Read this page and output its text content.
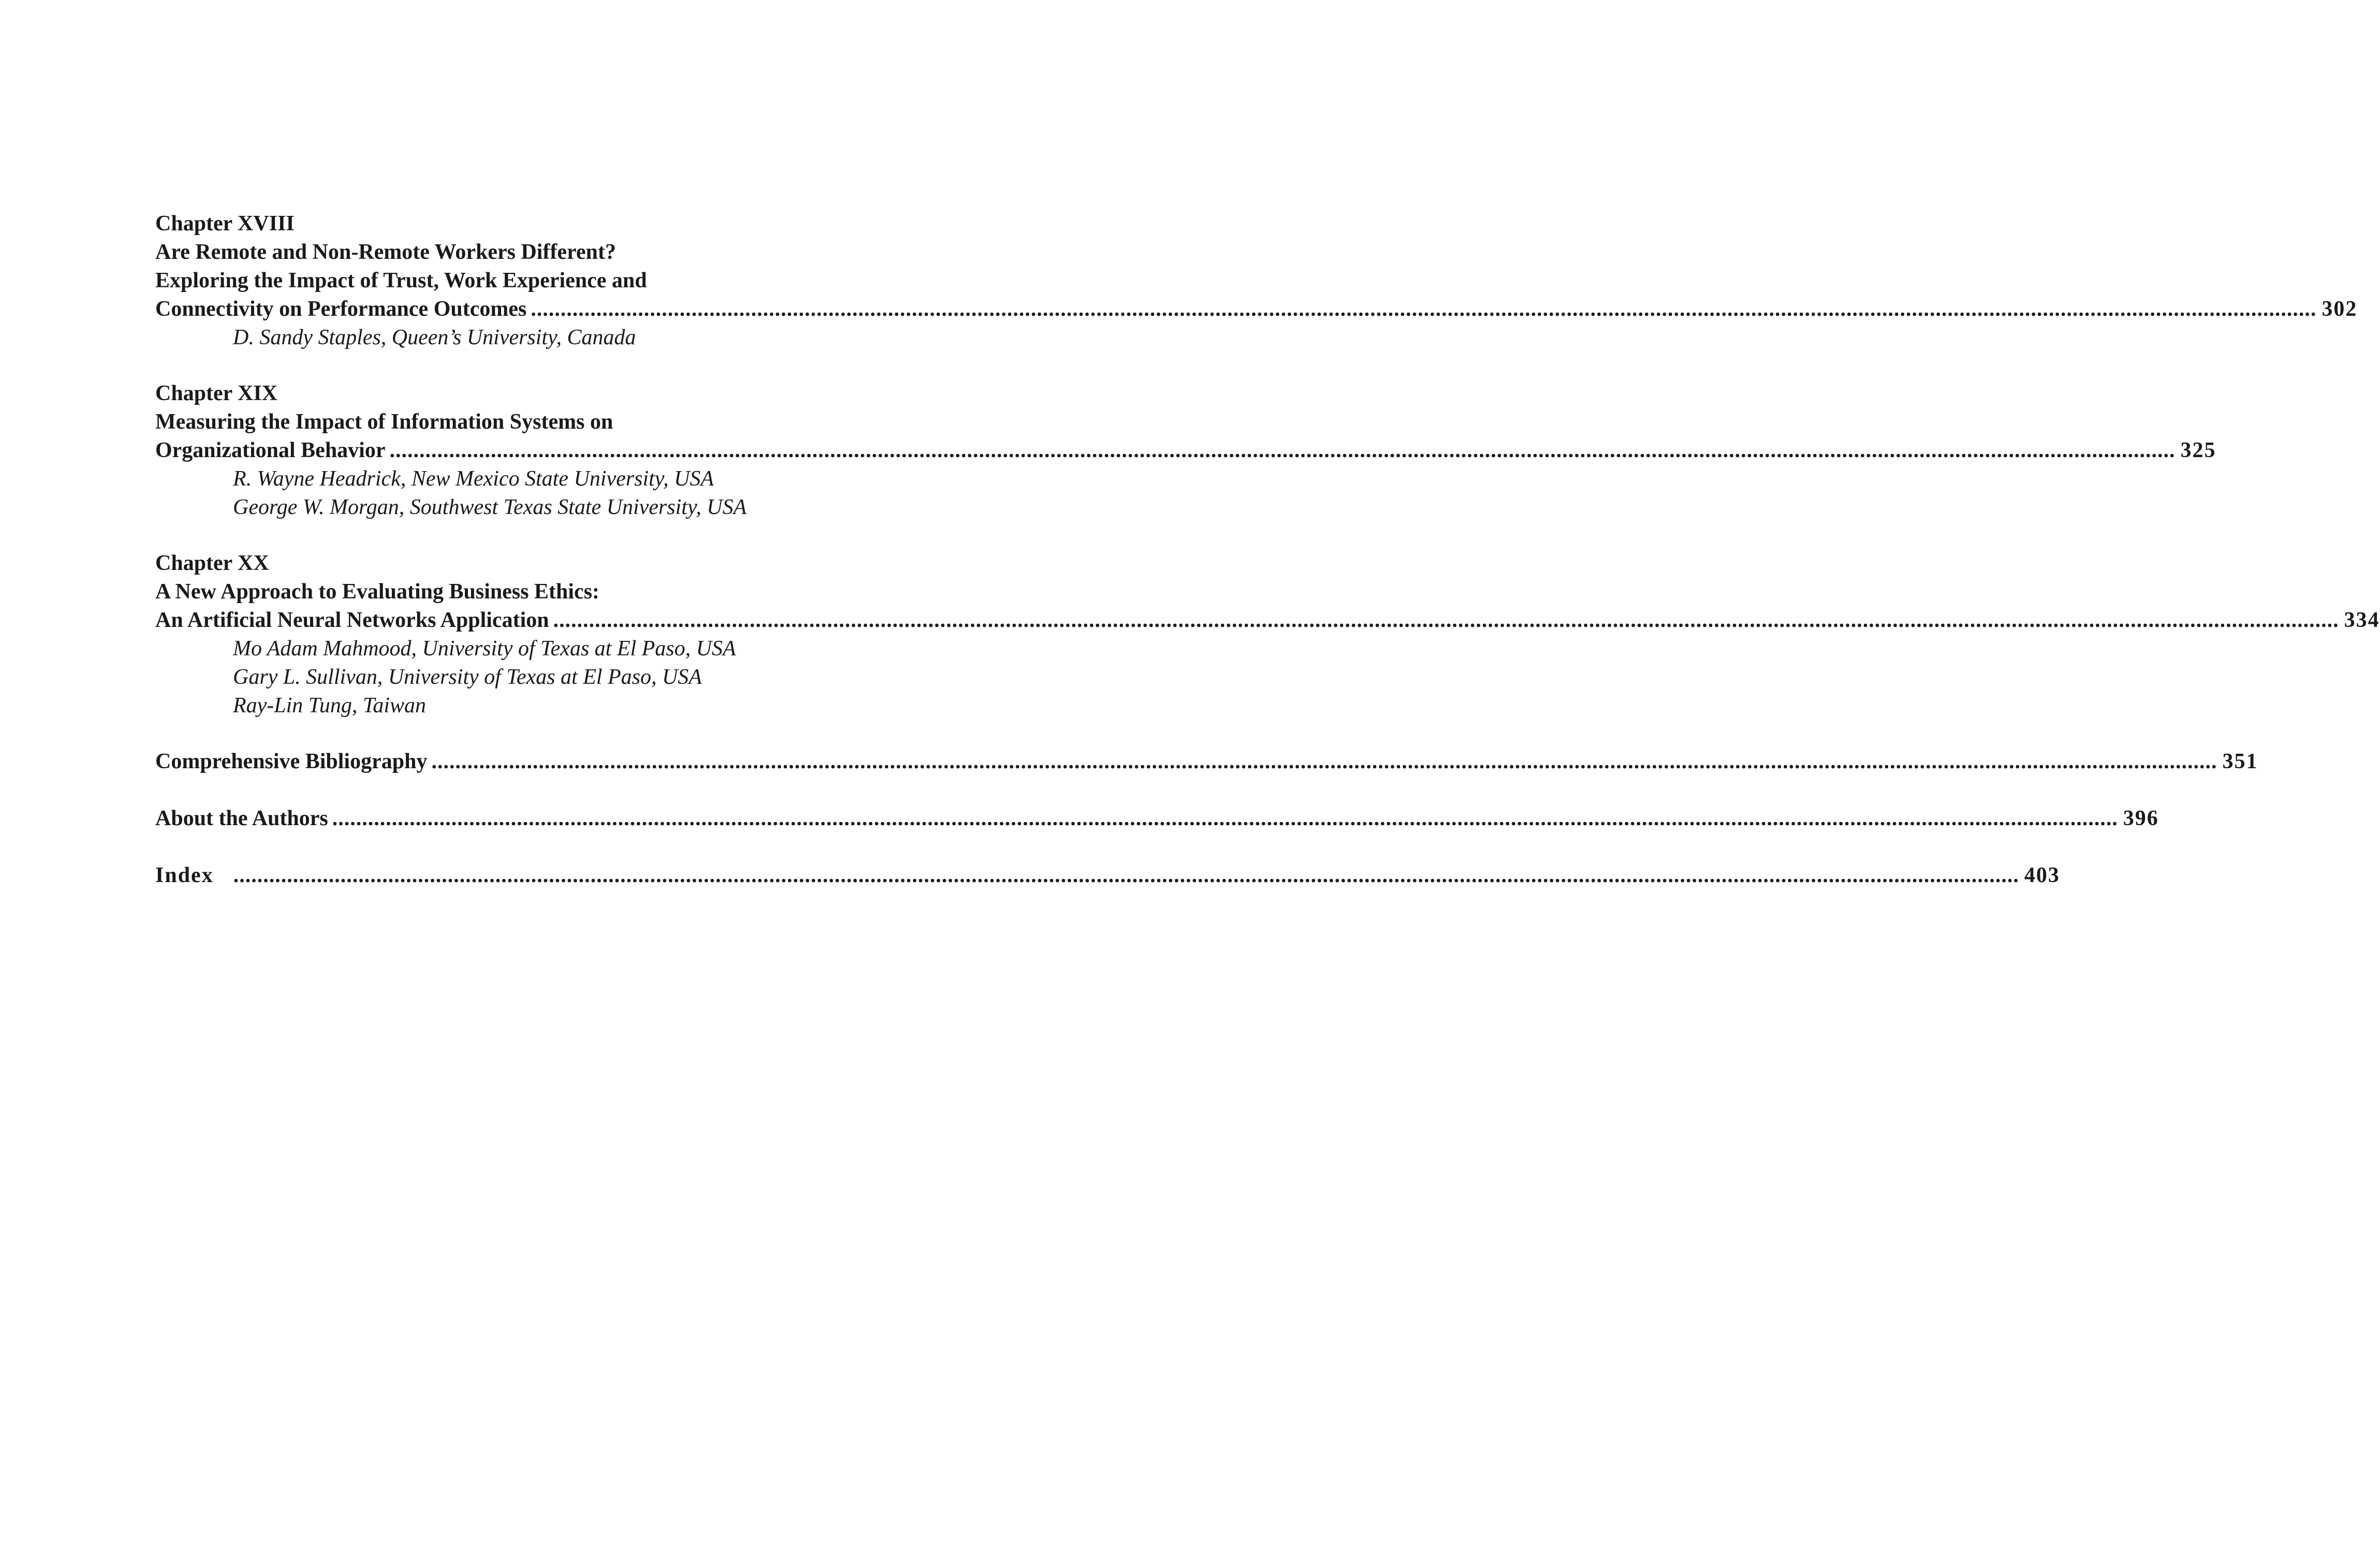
Chapter XVIII
Are Remote and Non-Remote Workers Different?
Exploring the Impact of Trust, Work Experience and
Connectivity on Performance Outcomes ............................................................................................................................................................................................................................................................................................................ 302
D. Sandy Staples, Queen’s University, Canada
Chapter XIX
Measuring the Impact of Information Systems on
Organizational Behavior ............................................................................................................................................................................................................................................................................................................ 325
R. Wayne Headrick, New Mexico State University, USA
George W. Morgan, Southwest Texas State University, USA
Chapter XX
A New Approach to Evaluating Business Ethics:
An Artificial Neural Networks Application ............................................................................................................................................................................................................................................................................................................ 334
Mo Adam Mahmood, University of Texas at El Paso, USA
Gary L. Sullivan, University of Texas at El Paso, USA
Ray-Lin Tung, Taiwan
Comprehensive Bibliography ............................................................................................................................................................................................................................................................................................................ 351
About the Authors ............................................................................................................................................................................................................................................................................................................ 396
Index ............................................................................................................................................................................................................................................................................................................ 403
